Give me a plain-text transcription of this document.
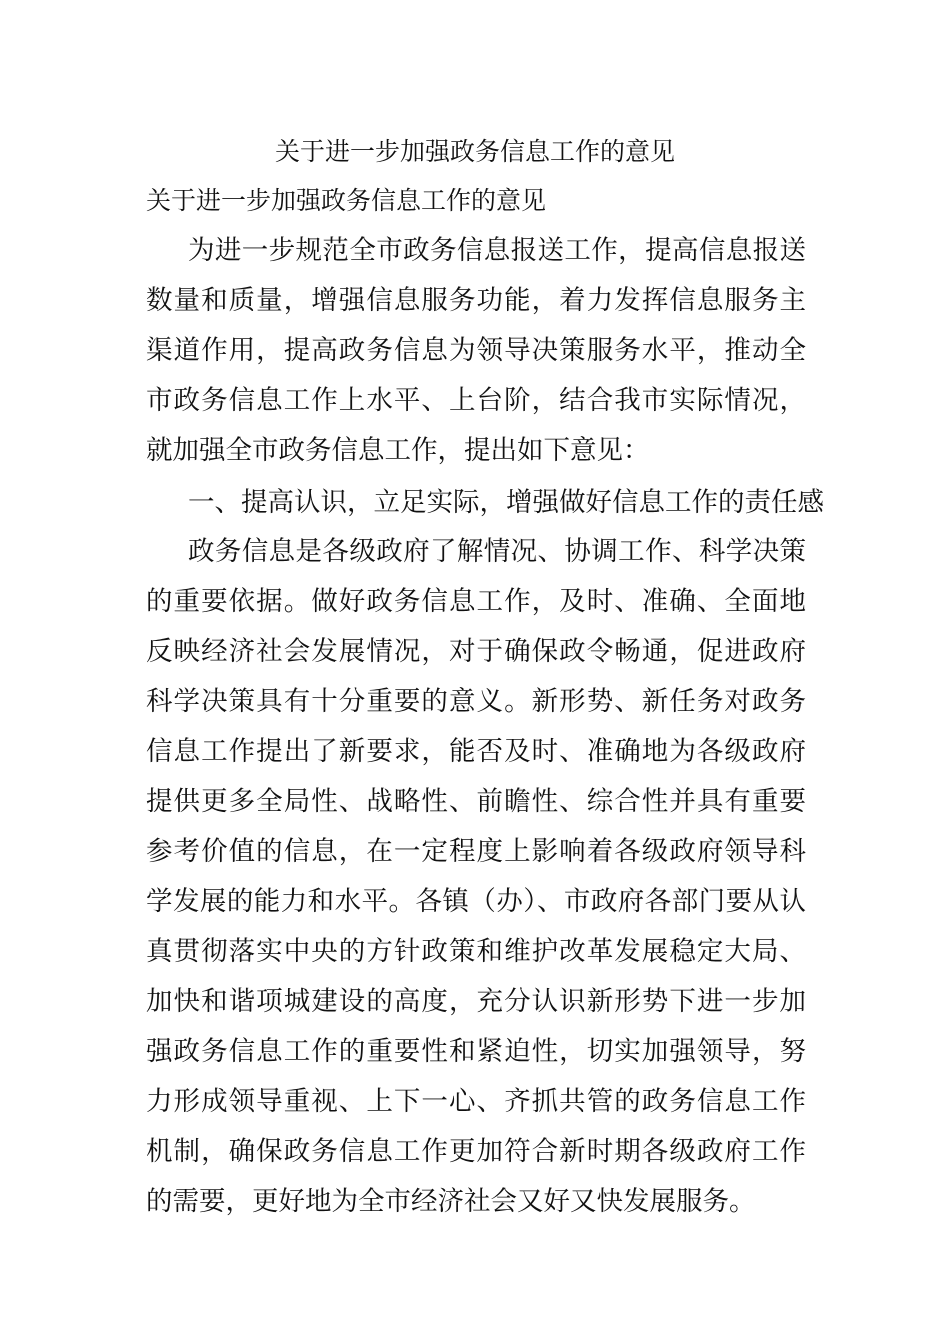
关于进一步加强政务信息工作的意见
关于进一步加强政务信息工作的意见

为进一步规范全市政务信息报送工作，提高信息报送数量和质量，增强信息服务功能，着力发挥信息服务主渠道作用，提高政务信息为领导决策服务水平，推动全市政务信息工作上水平、上台阶，结合我市实际情况，就加强全市政务信息工作，提出如下意见：

一、提高认识，立足实际，增强做好信息工作的责任感

政务信息是各级政府了解情况、协调工作、科学决策的重要依据。做好政务信息工作，及时、准确、全面地反映经济社会发展情况，对于确保政令畅通，促进政府科学决策具有十分重要的意义。新形势、新任务对政务信息工作提出了新要求，能否及时、准确地为各级政府提供更多全局性、战略性、前瞻性、综合性并具有重要参考价值的信息，在一定程度上影响着各级政府领导科学发展的能力和水平。各镇（办）、市政府各部门要从认真贯彻落实中央的方针政策和维护改革发展稳定大局、加快和谐项城建设的高度，充分认识新形势下进一步加强政务信息工作的重要性和紧迫性，切实加强领导，努力形成领导重视、上下一心、齐抓共管的政务信息工作机制，确保政务信息工作更加符合新时期各级政府工作的需要，更好地为全市经济社会又好又快发展服务。
